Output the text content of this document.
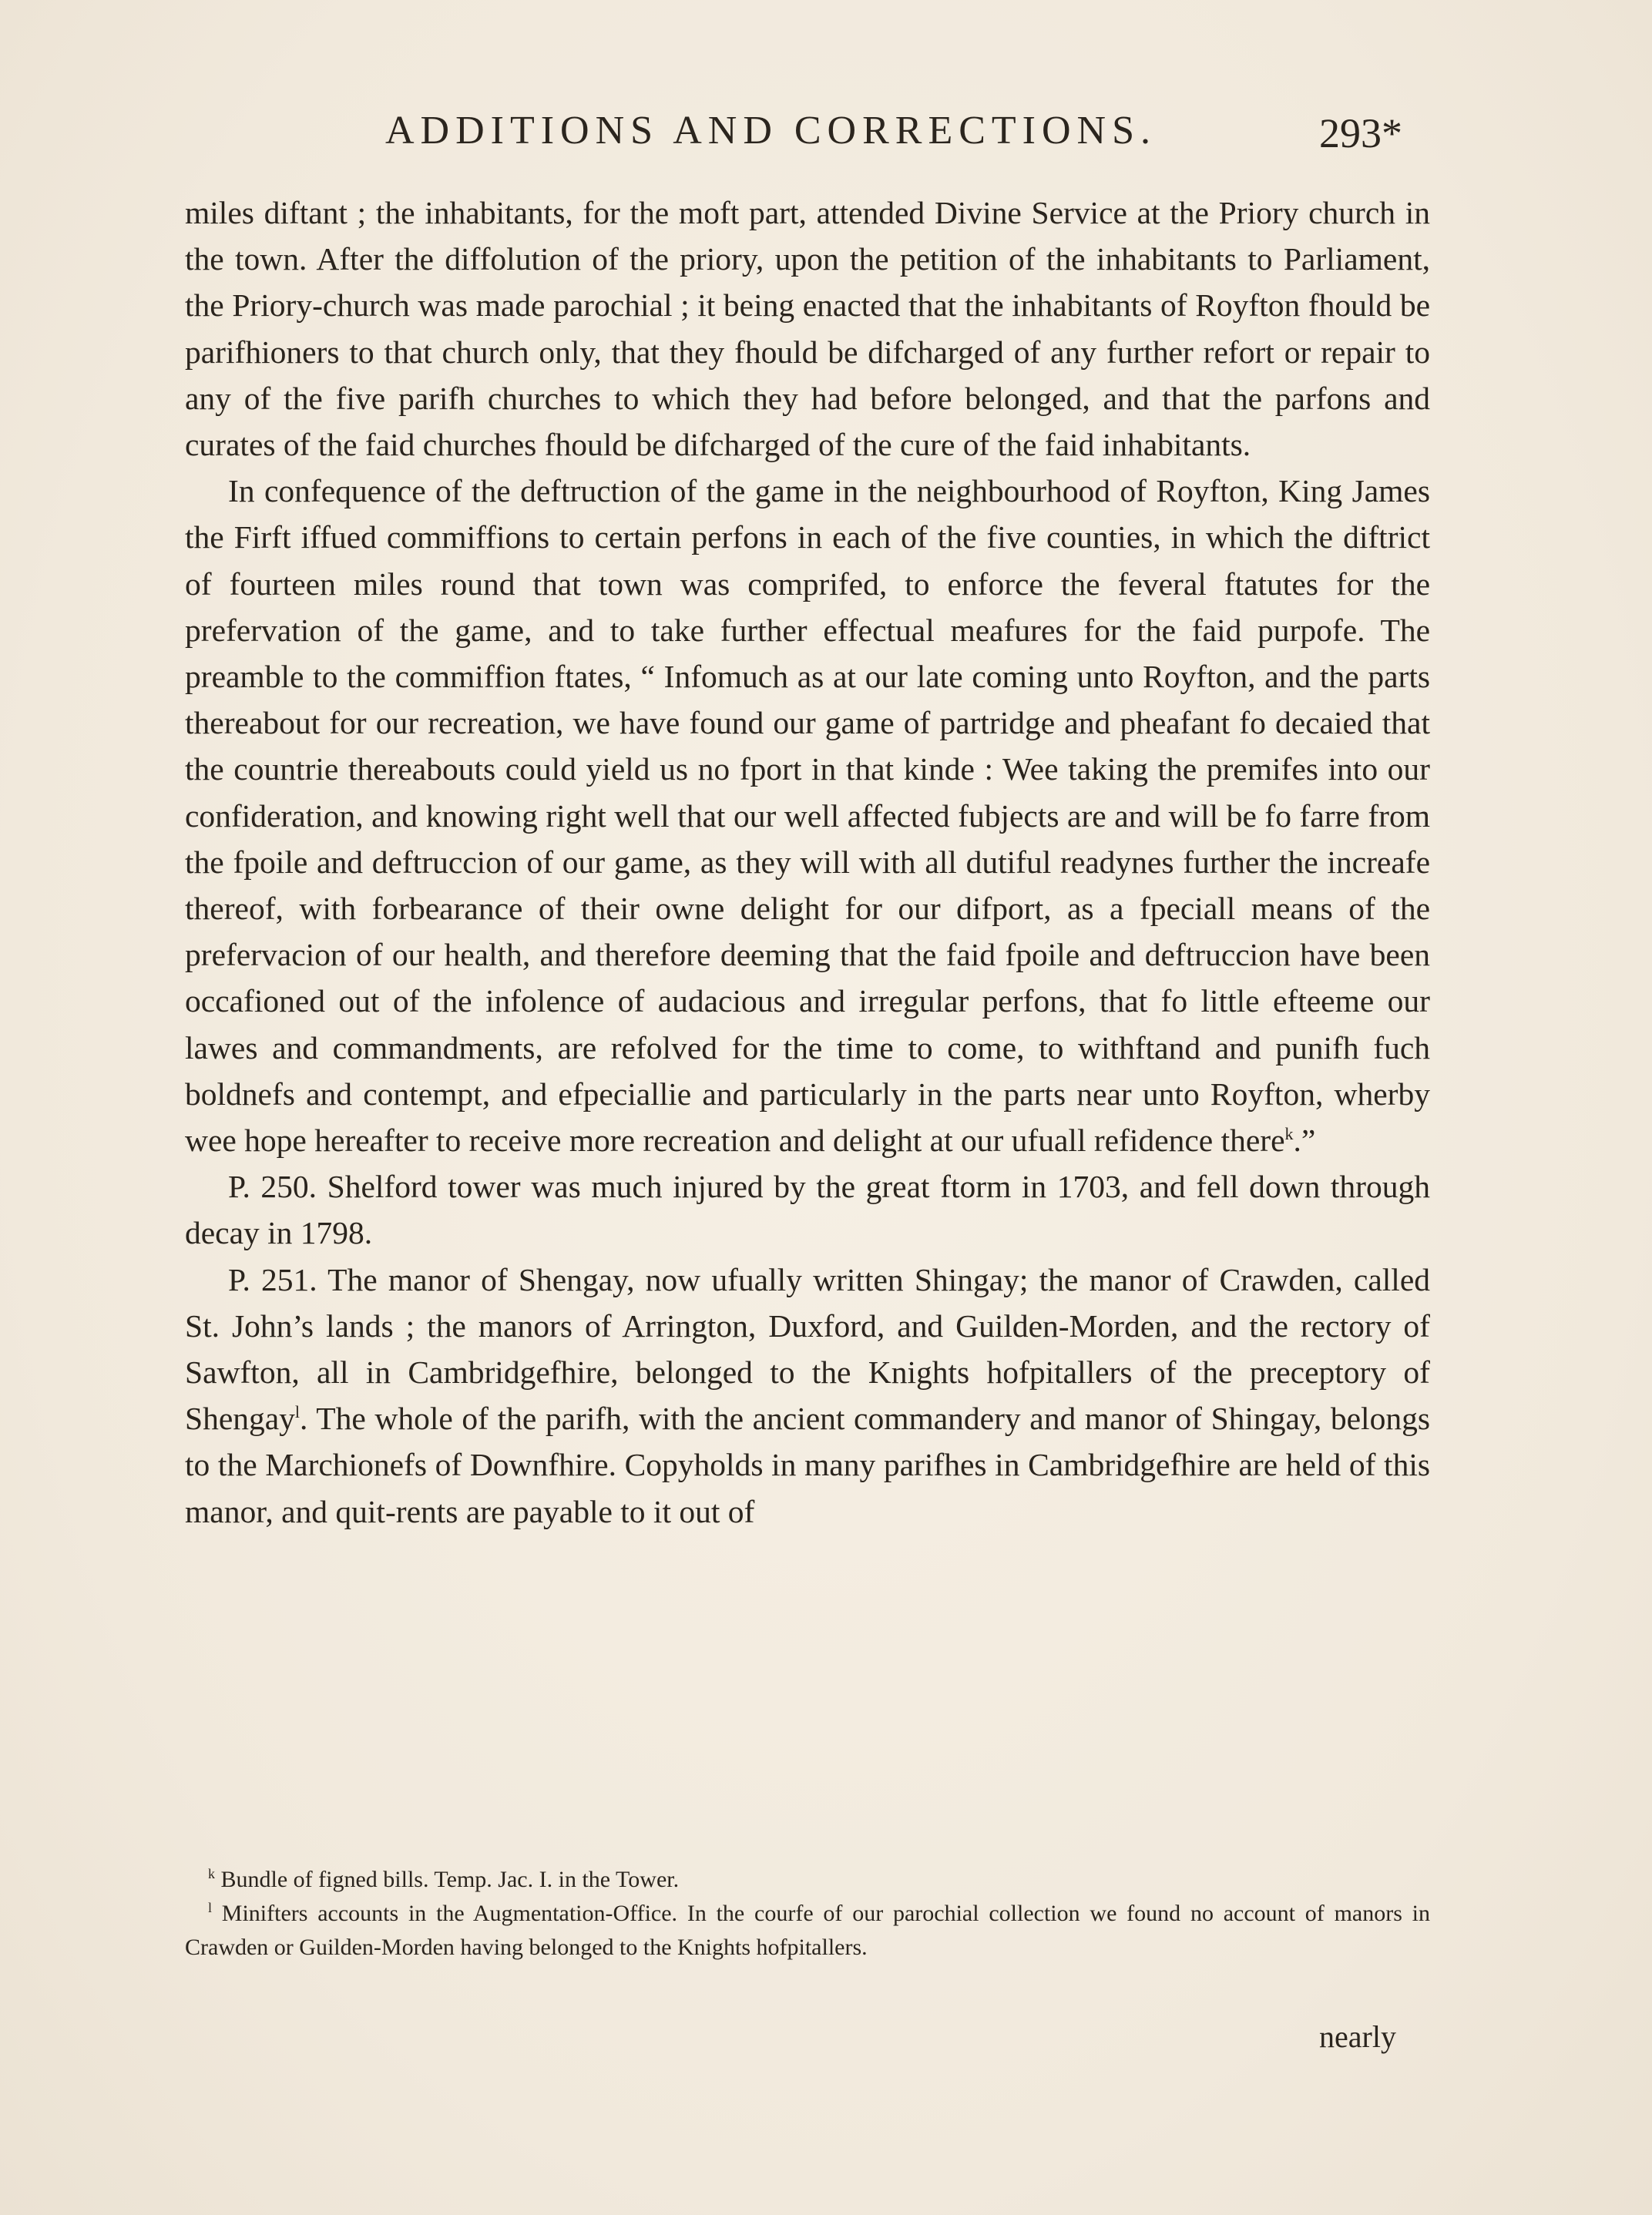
ADDITIONS AND CORRECTIONS.	293*

miles diftant ; the inhabitants, for the moft part, attended Divine Service at the Priory church in the town. After the diffolution of the priory, upon the petition of the inhabitants to Parliament, the Priory-church was made parochial ; it being enacted that the inhabitants of Royfton fhould be parifhioners to that church only, that they fhould be difcharged of any further refort or repair to any of the five parifh churches to which they had before belonged, and that the parfons and curates of the faid churches fhould be difcharged of the cure of the faid inhabitants.

In confequence of the deftruction of the game in the neighbourhood of Royfton, King James the Firft iffued commiffions to certain perfons in each of the five counties, in which the diftrict of fourteen miles round that town was comprifed, to enforce the feveral ftatutes for the prefervation of the game, and to take further effectual meafures for the faid purpofe. The preamble to the commiffion ftates, “ Infomuch as at our late coming unto Royfton, and the parts thereabout for our recreation, we have found our game of partridge and pheafant fo decaied that the countrie thereabouts could yield us no fport in that kinde : Wee taking the premifes into our confideration, and knowing right well that our well affected fubjects are and will be fo farre from the fpoile and deftruccion of our game, as they will with all dutiful readynes further the increafe thereof, with forbearance of their owne delight for our difport, as a fpeciall means of the prefervacion of our health, and therefore deeming that the faid fpoile and deftruccion have been occafioned out of the infolence of audacious and irregular perfons, that fo little efteeme our lawes and commandments, are refolved for the time to come, to withftand and punifh fuch boldnefs and contempt, and efpeciallie and particularly in the parts near unto Royfton, wherby wee hope hereafter to receive more recreation and delight at our ufuall refidence there$^k$.”

P. 250. Shelford tower was much injured by the great ftorm in 1703, and fell down through decay in 1798.

P. 251. The manor of Shengay, now ufually written Shingay; the manor of Crawden, called St. John’s lands ; the manors of Arrington, Duxford, and Guilden-Morden, and the rectory of Sawfton, all in Cambridgefhire, belonged to the Knights hofpitallers of the preceptory of Shengay$^l$. The whole of the parifh, with the ancient commandery and manor of Shingay, belongs to the Marchionefs of Downfhire. Copyholds in many parifhes in Cambridgefhire are held of this manor, and quit-rents are payable to it out of

$^k$ Bundle of figned bills. Temp. Jac. I. in the Tower.

$^l$ Minifters accounts in the Augmentation-Office. In the courfe of our parochial collection we found no account of manors in Crawden or Guilden-Morden having belonged to the Knights hofpitallers.

nearly
